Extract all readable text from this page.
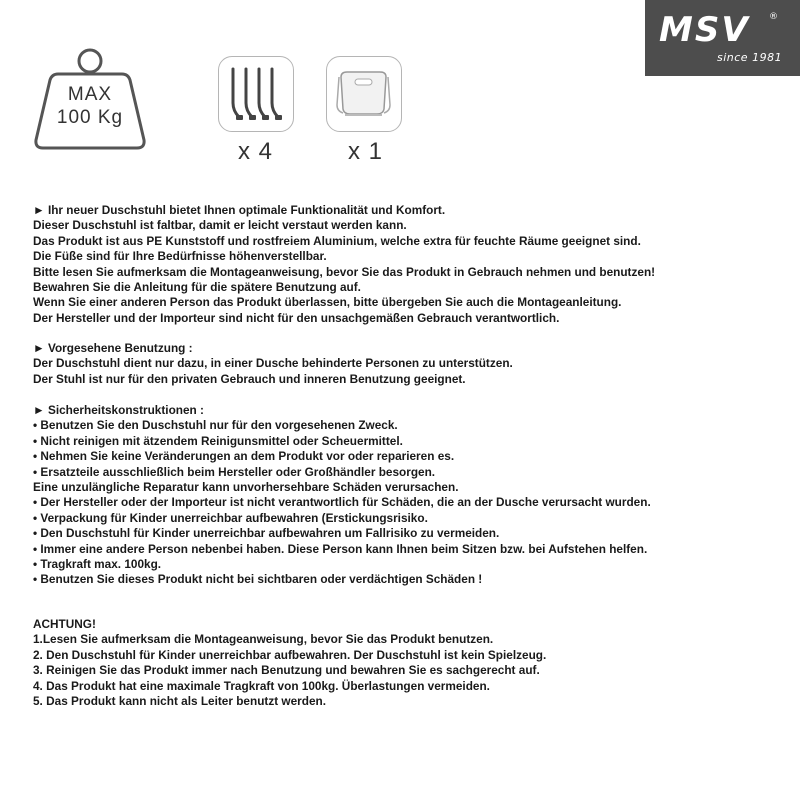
MSV ®
since 1981
MAX
100 Kg
x 4	x 1

► Ihr neuer Duschstuhl bietet Ihnen optimale Funktionalität und Komfort.

Dieser Duschstuhl ist faltbar, damit er leicht verstaut werden kann.

Das Produkt ist aus PE Kunststoff und rostfreiem Aluminium, welche extra für feuchte Räume geeignet sind.

Die Füße sind für Ihre Bedürfnisse höhenverstellbar.

Bitte lesen Sie aufmerksam die Montageanweisung, bevor Sie das Produkt in Gebrauch nehmen und benutzen!

Bewahren Sie die Anleitung für die spätere Benutzung auf.

Wenn Sie einer anderen Person das Produkt überlassen, bitte übergeben Sie auch die Montageanleitung.

Der Hersteller und der Importeur sind nicht für den unsachgemäßen Gebrauch verantwortlich.

► Vorgesehene Benutzung :

Der Duschstuhl dient nur dazu, in einer Dusche behinderte Personen zu unterstützen.

Der Stuhl ist nur für den privaten Gebrauch und inneren Benutzung geeignet.

► Sicherheitskonstruktionen :

• Benutzen Sie den Duschstuhl nur für den vorgesehenen Zweck.

• Nicht reinigen mit ätzendem Reinigunsmittel oder Scheuermittel.

• Nehmen Sie keine Veränderungen an dem Produkt vor oder reparieren es.

• Ersatzteile ausschließlich beim Hersteller oder Großhändler besorgen.

Eine unzulängliche Reparatur kann unvorhersehbare Schäden verursachen.

• Der Hersteller oder der Importeur ist nicht verantwortlich für Schäden, die an der Dusche verursacht wurden.

• Verpackung für Kinder unerreichbar aufbewahren (Erstickungsrisiko.

• Den Duschstuhl für Kinder unerreichbar aufbewahren um Fallrisiko zu vermeiden.

• Immer eine andere Person nebenbei haben. Diese Person kann Ihnen beim Sitzen bzw. bei Aufstehen helfen.

• Tragkraft max. 100kg.

• Benutzen Sie dieses Produkt nicht bei sichtbaren oder verdächtigen Schäden !

ACHTUNG!

1.Lesen Sie aufmerksam die Montageanweisung, bevor Sie das Produkt benutzen.

2. Den Duschstuhl für Kinder unerreichbar aufbewahren. Der Duschstuhl ist kein Spielzeug.

3. Reinigen Sie das Produkt immer nach Benutzung und bewahren Sie es sachgerecht auf.

4. Das Produkt hat eine maximale Tragkraft von 100kg. Überlastungen vermeiden.

5. Das Produkt kann nicht als Leiter benutzt werden.
